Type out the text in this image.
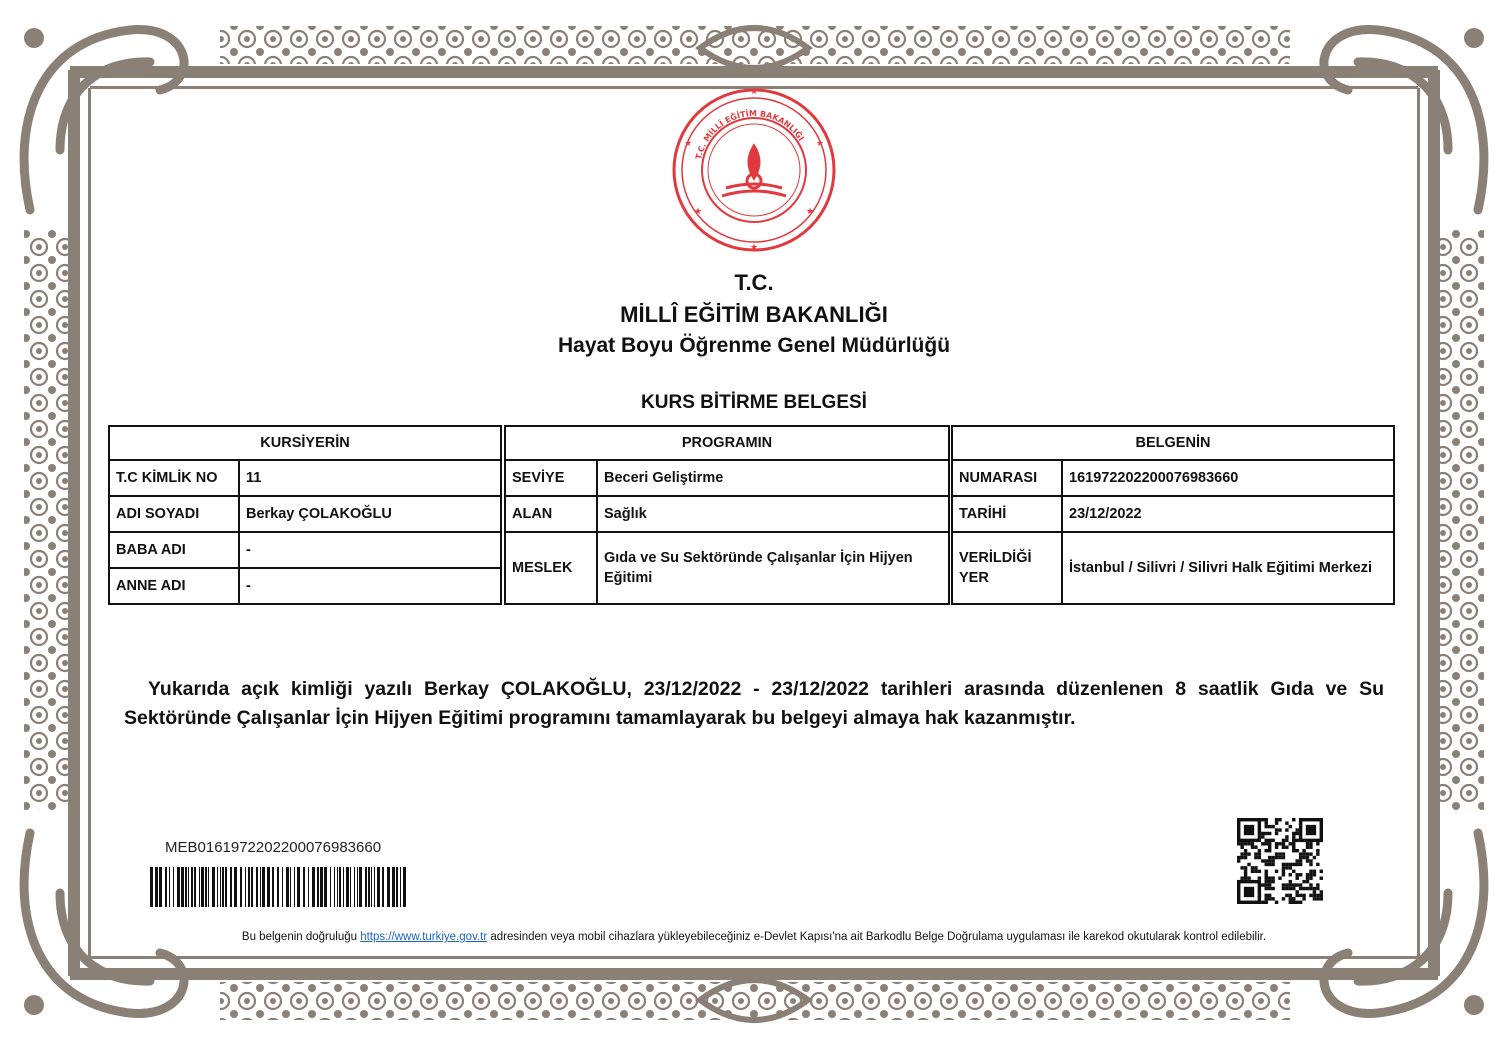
★
★
★
★
★
★
T.C. MİLLÎ EĞİTİM BAKANLIĞI
T.C.
MİLLÎ EĞİTİM BAKANLIĞI
Hayat Boyu Öğrenme Genel Müdürlüğü
KURS BİTİRME BELGESİ
KURSİYERİN	
T.C KİMLİK NO	11
ADI SOYADI	Berkay ÇOLAKOĞLU
BABA ADI	-
ANNE ADI	-
PROGRAMIN	
SEVİYE	Beceri Geliştirme
ALAN	Sağlık
MESLEK	Gıda ve Su Sektöründe Çalışanlar İçin Hijyen Eğitimi
BELGENİN	
NUMARASI	161972202200076983660
TARİHİ	23/12/2022
VERİLDİĞİ YER	İstanbul / Silivri / Silivri Halk Eğitimi Merkezi
Yukarıda açık kimliği yazılı Berkay ÇOLAKOĞLU, 23/12/2022 - 23/12/2022 tarihleri arasında düzenlenen 8 saatlik Gıda ve Su Sektöründe Çalışanlar İçin Hijyen Eğitimi programını tamamlayarak bu belgeyi almaya hak kazanmıştır.
MEB0161972202200076983660
Bu belgenin doğruluğu https://www.turkiye.gov.tr adresinden veya mobil cihazlara yükleyebileceğiniz e-Devlet Kapısı'na ait Barkodlu Belge Doğrulama uygulaması ile karekod okutularak kontrol edilebilir.
